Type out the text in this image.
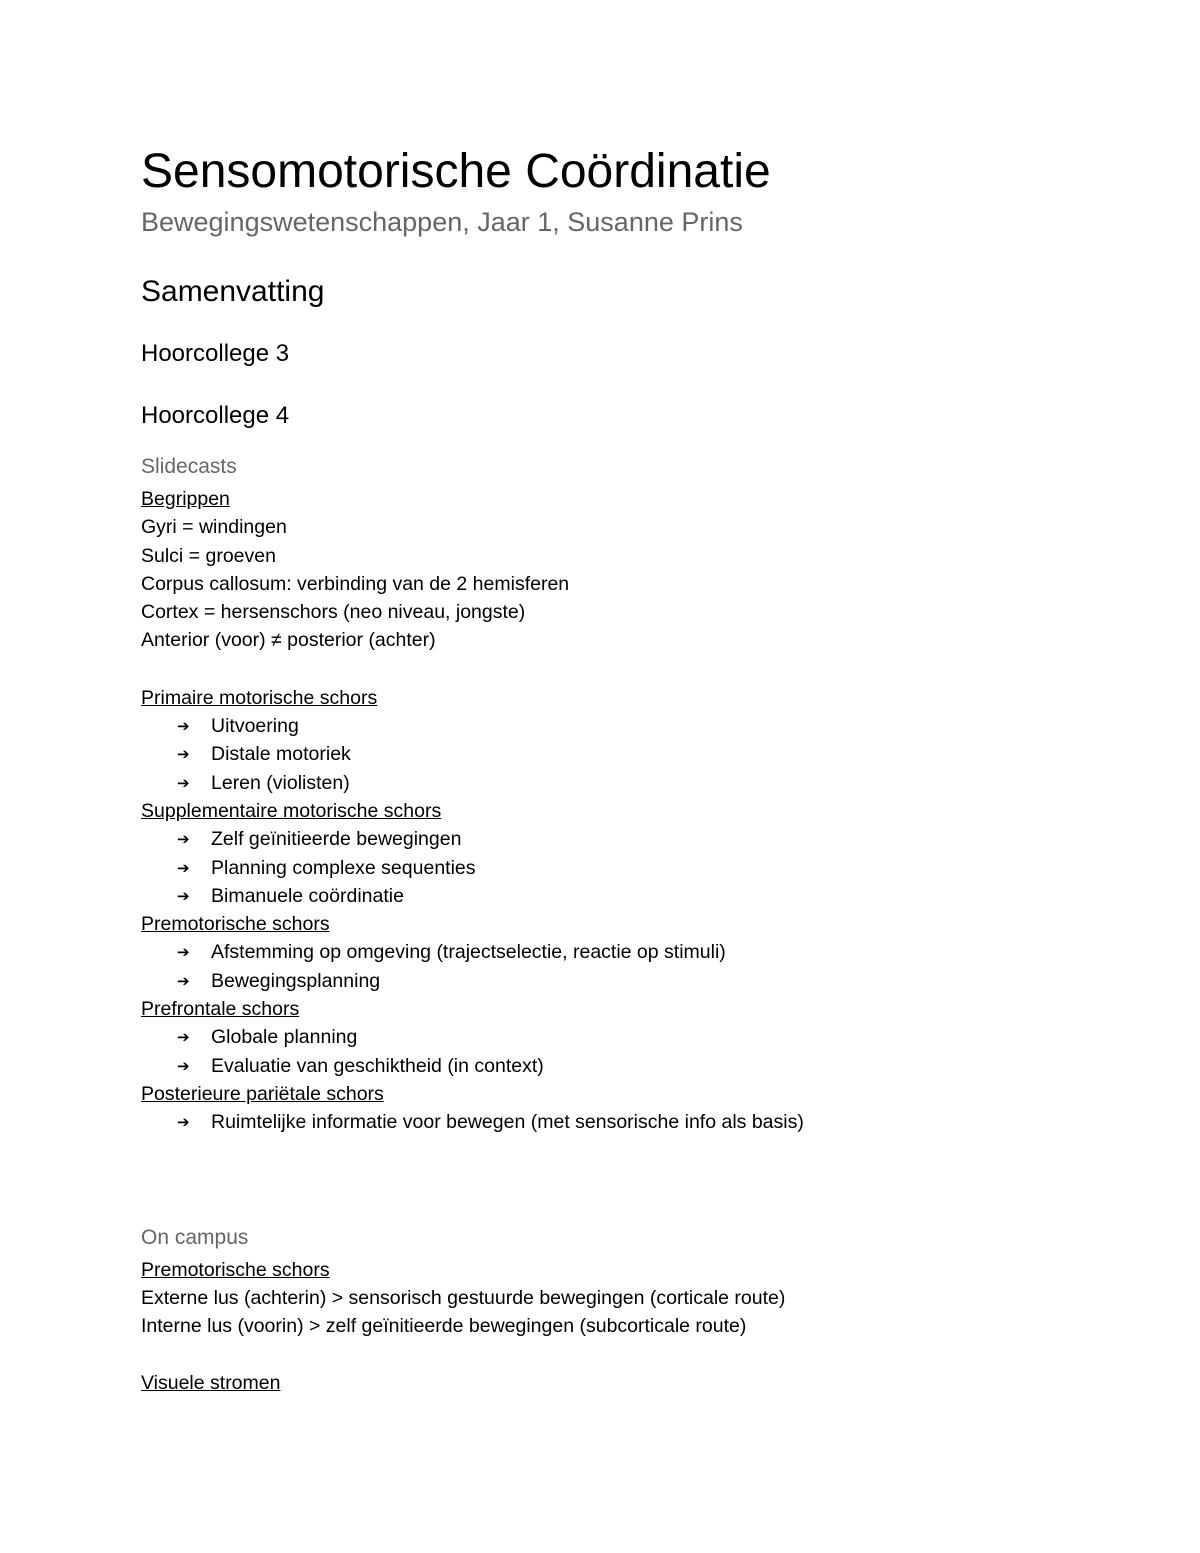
Sensomotorische Coördinatie
Bewegingswetenschappen, Jaar 1, Susanne Prins
Samenvatting
Hoorcollege 3
Hoorcollege 4
Slidecasts
Begrippen
Gyri = windingen
Sulci = groeven
Corpus callosum: verbinding van de 2 hemisferen
Cortex = hersenschors (neo niveau, jongste)
Anterior (voor) ≠ posterior (achter)
Primaire motorische schors
➔ Uitvoering
➔ Distale motoriek
➔ Leren (violisten)
Supplementaire motorische schors
➔ Zelf geïnitieerde bewegingen
➔ Planning complexe sequenties
➔ Bimanuele coördinatie
Premotorische schors
➔ Afstemming op omgeving (trajectselectie, reactie op stimuli)
➔ Bewegingsplanning
Prefrontale schors
➔ Globale planning
➔ Evaluatie van geschiktheid (in context)
Posterieure pariëtale schors
➔ Ruimtelijke informatie voor bewegen (met sensorische info als basis)
On campus
Premotorische schors
Externe lus (achterin) > sensorisch gestuurde bewegingen (corticale route)
Interne lus (voorin) > zelf geïnitieerde bewegingen (subcorticale route)
Visuele stromen
